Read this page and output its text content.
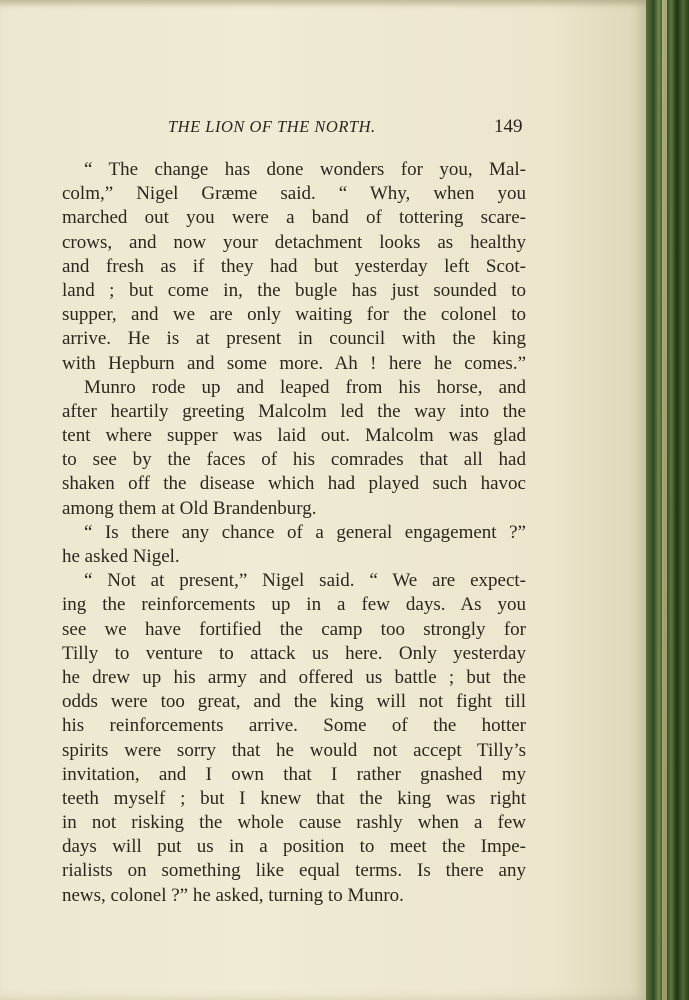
THE LION OF THE NORTH.	149
“ The change has done wonders for you, Mal-
colm,” Nigel Græme said. “ Why, when you
marched out you were a band of tottering scare-
crows, and now your detachment looks as healthy
and fresh as if they had but yesterday left Scot-
land ; but come in, the bugle has just sounded to
supper, and we are only waiting for the colonel to
arrive. He is at present in council with the king
with Hepburn and some more. Ah ! here he comes.”
Munro rode up and leaped from his horse, and
after heartily greeting Malcolm led the way into the
tent where supper was laid out. Malcolm was glad
to see by the faces of his comrades that all had
shaken off the disease which had played such havoc
among them at Old Brandenburg.
“ Is there any chance of a general engagement ?”
he asked Nigel.
“ Not at present,” Nigel said. “ We are expect-
ing the reinforcements up in a few days. As you
see we have fortified the camp too strongly for
Tilly to venture to attack us here. Only yesterday
he drew up his army and offered us battle ; but the
odds were too great, and the king will not fight till
his reinforcements arrive. Some of the hotter
spirits were sorry that he would not accept Tilly’s
invitation, and I own that I rather gnashed my
teeth myself ; but I knew that the king was right
in not risking the whole cause rashly when a few
days will put us in a position to meet the Impe-
rialists on something like equal terms. Is there any
news, colonel ?” he asked, turning to Munro.
